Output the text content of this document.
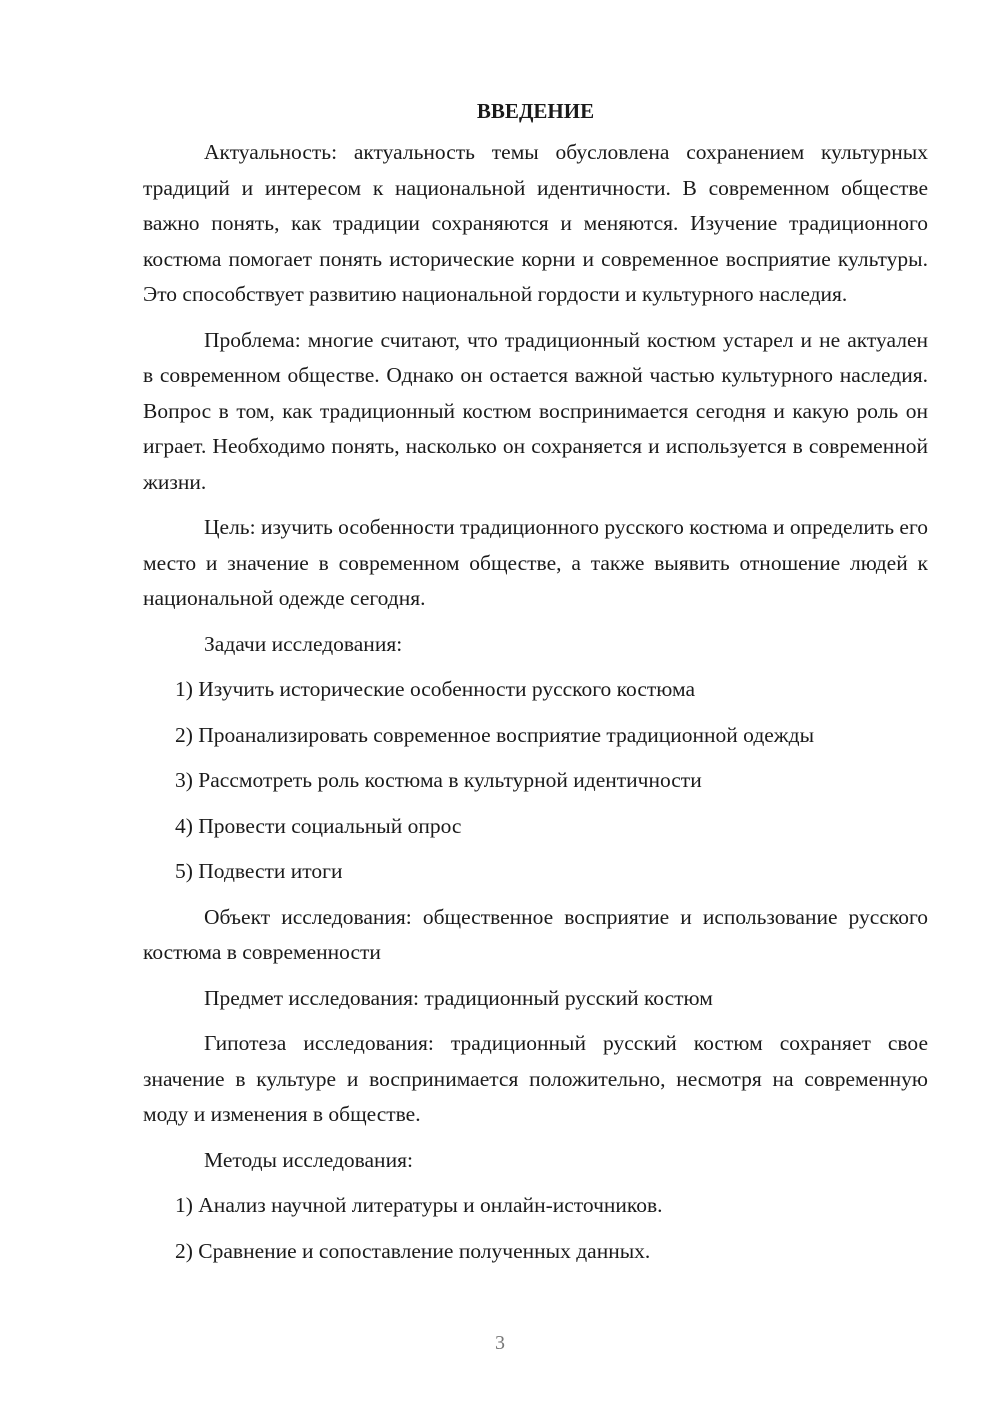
ВВЕДЕНИЕ
Актуальность: актуальность темы обусловлена сохранением культурных традиций и интересом к национальной идентичности. В современном обществе важно понять, как традиции сохраняются и меняются. Изучение традиционного костюма помогает понять исторические корни и современное восприятие культуры. Это способствует развитию национальной гордости и культурного наследия.
Проблема: многие считают, что традиционный костюм устарел и не актуален в современном обществе. Однако он остается важной частью культурного наследия. Вопрос в том, как традиционный костюм воспринимается сегодня и какую роль он играет. Необходимо понять, насколько он сохраняется и используется в современной жизни.
Цель: изучить особенности традиционного русского костюма и определить его место и значение в современном обществе, а также выявить отношение людей к национальной одежде сегодня.
Задачи исследования:
1) Изучить исторические особенности русского костюма
2) Проанализировать современное восприятие традиционной одежды
3) Рассмотреть роль костюма в культурной идентичности
4) Провести социальный опрос
5) Подвести итоги
Объект исследования: общественное восприятие и использование русского костюма в современности
Предмет исследования: традиционный русский костюм
Гипотеза исследования: традиционный русский костюм сохраняет свое значение в культуре и воспринимается положительно, несмотря на современную моду и изменения в обществе.
Методы исследования:
1) Анализ научной литературы и онлайн-источников.
2) Сравнение и сопоставление полученных данных.
3
